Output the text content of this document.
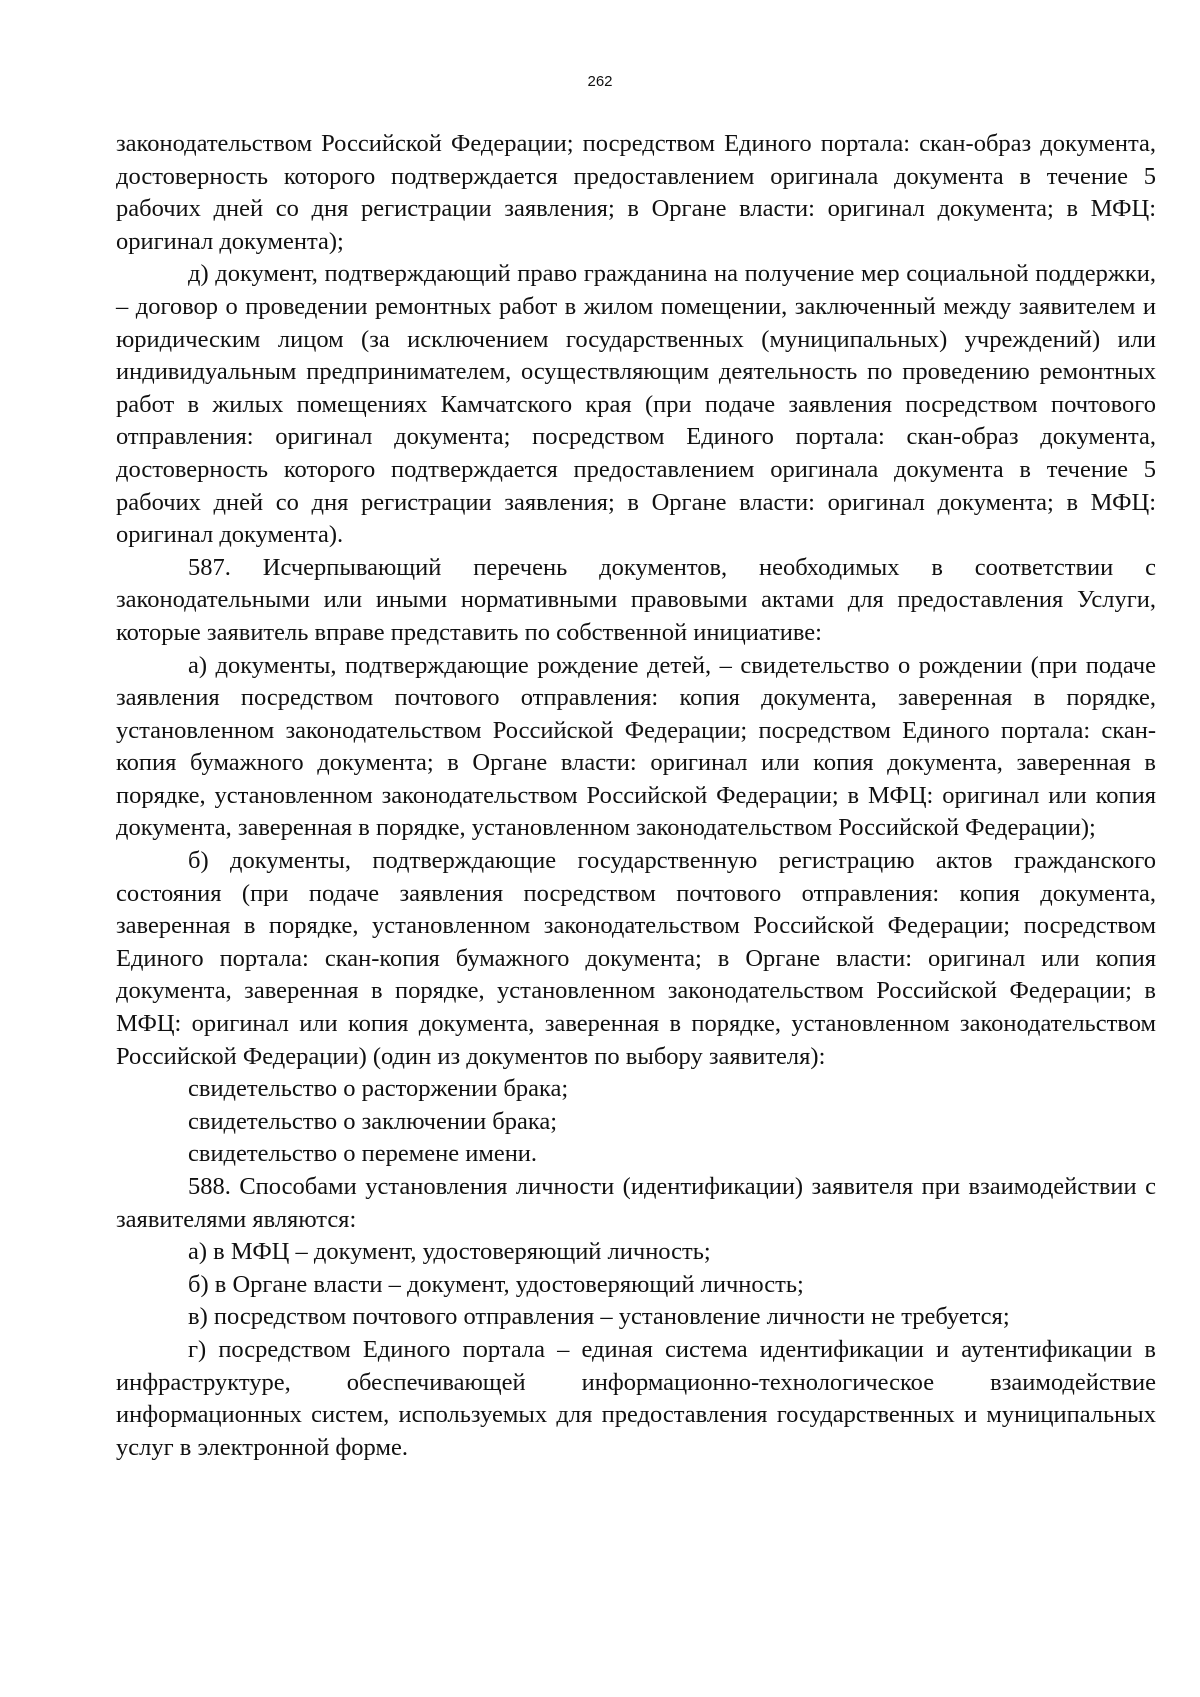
262

законодательством Российской Федерации; посредством Единого портала: скан-образ документа, достоверность которого подтверждается предоставлением оригинала документа в течение 5 рабочих дней со дня регистрации заявления; в Органе власти: оригинал документа; в МФЦ: оригинал документа);

д) документ, подтверждающий право гражданина на получение мер социальной поддержки, – договор о проведении ремонтных работ в жилом помещении, заключенный между заявителем и юридическим лицом (за исключением государственных (муниципальных) учреждений) или индивидуальным предпринимателем, осуществляющим деятельность по проведению ремонтных работ в жилых помещениях Камчатского края (при подаче заявления посредством почтового отправления: оригинал документа; посредством Единого портала: скан-образ документа, достоверность которого подтверждается предоставлением оригинала документа в течение 5 рабочих дней со дня регистрации заявления; в Органе власти: оригинал документа; в МФЦ: оригинал документа).

587. Исчерпывающий перечень документов, необходимых в соответствии с законодательными или иными нормативными правовыми актами для предоставления Услуги, которые заявитель вправе представить по собственной инициативе:

а) документы, подтверждающие рождение детей, – свидетельство о рождении (при подаче заявления посредством почтового отправления: копия документа, заверенная в порядке, установленном законодательством Российской Федерации; посредством Единого портала: скан-копия бумажного документа; в Органе власти: оригинал или копия документа, заверенная в порядке, установленном законодательством Российской Федерации; в МФЦ: оригинал или копия документа, заверенная в порядке, установленном законодательством Российской Федерации);

б) документы, подтверждающие государственную регистрацию актов гражданского состояния (при подаче заявления посредством почтового отправления: копия документа, заверенная в порядке, установленном законодательством Российской Федерации; посредством Единого портала: скан-копия бумажного документа; в Органе власти: оригинал или копия документа, заверенная в порядке, установленном законодательством Российской Федерации; в МФЦ: оригинал или копия документа, заверенная в порядке, установленном законодательством Российской Федерации) (один из документов по выбору заявителя):

свидетельство о расторжении брака;

свидетельство о заключении брака;

свидетельство о перемене имени.

588. Способами установления личности (идентификации) заявителя при взаимодействии с заявителями являются:

а) в МФЦ – документ, удостоверяющий личность;

б) в Органе власти – документ, удостоверяющий личность;

в) посредством почтового отправления – установление личности не требуется;

г) посредством Единого портала – единая система идентификации и аутентификации в инфраструктуре, обеспечивающей информационно-технологическое взаимодействие информационных систем, используемых для предоставления государственных и муниципальных услуг в электронной форме.
